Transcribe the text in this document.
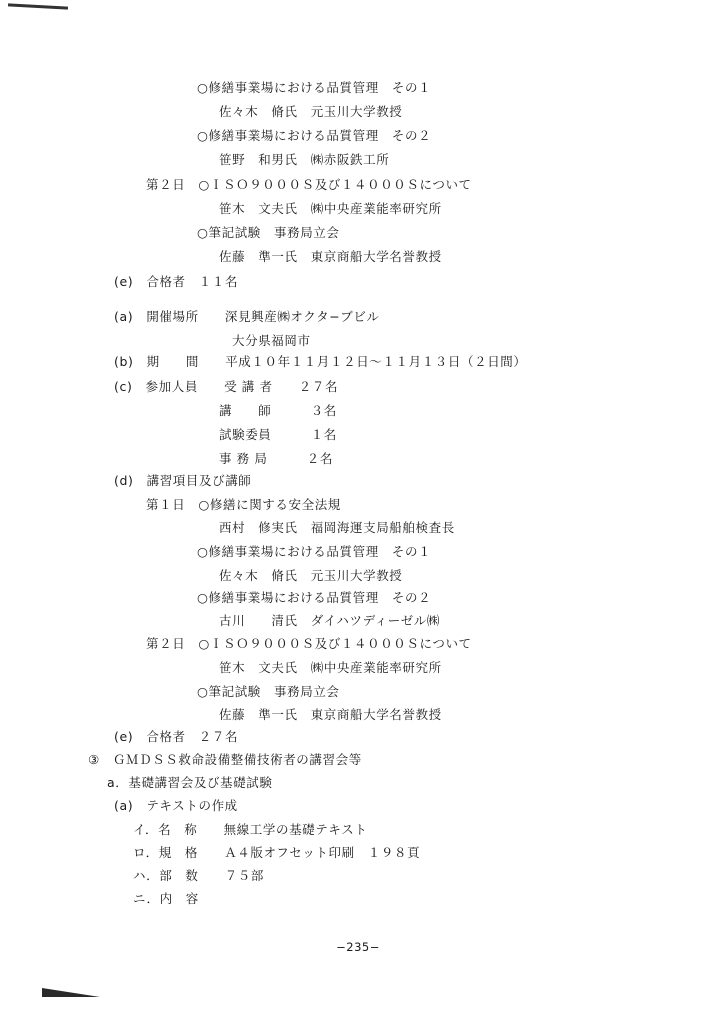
○修繕事業場における品質管理　その１
佐々木　脩氏　元玉川大学教授
○修繕事業場における品質管理　その２
笹野　和男氏　㈱赤阪鉄工所
第２日　○ＩＳＯ９０００Ｓ及び１４０００Ｓについて
笹木　文夫氏　㈱中央産業能率研究所
○筆記試験　事務局立会
佐藤　準一氏　東京商船大学名誉教授
(e)　合格者　１１名
(a)　開催場所　　深見興産㈱オクタ−ブビル
大分県福岡市
(b)　期　　間　　平成１０年１１月１２日〜１１月１３日（２日間）
(c)　参加人員　　受 講 者　　２７名
講　　師　　　３名
試験委員　　　１名
事 務 局　　　２名
(d)　講習項目及び講師
第１日　○修繕に関する安全法規
西村　修実氏　福岡海運支局船舶検査長
○修繕事業場における品質管理　その１
佐々木　脩氏　元玉川大学教授
○修繕事業場における品質管理　その２
古川　　清氏　ダイハツディーゼル㈱
第２日　○ＩＳＯ９０００Ｓ及び１４０００Ｓについて
笹木　文夫氏　㈱中央産業能率研究所
○筆記試験　事務局立会
佐藤　準一氏　東京商船大学名誉教授
(e)　合格者　２７名
③　ＧＭＤＳＳ救命設備整備技術者の講習会等
a．基礎講習会及び基礎試験
(a)　テキストの作成
イ．名　称　　無線工学の基礎テキスト
ロ．規　格　　Ａ４版オフセット印刷　１９８頁
ハ．部　数　　７５部
ニ．内　容
−235−
